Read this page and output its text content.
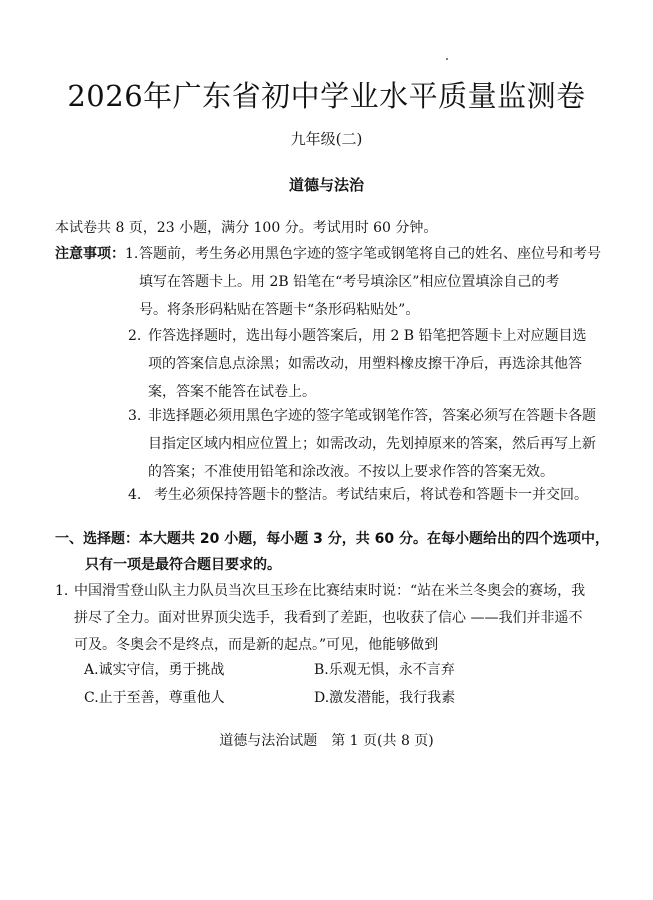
2026年广东省初中学业水平质量监测卷
九年级(二)
道德与法治
本试卷共 8 页，23 小题，满分 100 分。考试用时 60 分钟。
注意事项： 1. 答题前，考生务必用黑色字迹的签字笔或钢笔将自己的姓名、座位号和考号
填写在答题卡上。用 2B 铅笔在“考号填涂区”相应位置填涂自己的考
号。将条形码粘贴在答题卡“条形码粘贴处”。
2. 作答选择题时，选出每小题答案后，用 2 B 铅笔把答题卡上对应题目选
项的答案信息点涂黑；如需改动，用塑料橡皮擦干净后，再选涂其他答
案，答案不能答在试卷上。
3. 非选择题必须用黑色字迹的签字笔或钢笔作答，答案必须写在答题卡各题
目指定区域内相应位置上；如需改动，先划掉原来的答案，然后再写上新
的答案；不准使用铅笔和涂改液。不按以上要求作答的答案无效。
4. 考生必须保持答题卡的整洁。考试结束后，将试卷和答题卡一并交回。
一、选择题：本大题共 20 小题，每小题 3 分，共 60 分。在每小题给出的四个选项中，
只有一项是最符合题目要求的。
1. 中国滑雪登山队主力队员当次旦玉珍在比赛结束时说：“站在米兰冬奥会的赛场，我
拼尽了全力。面对世界顶尖选手，我看到了差距，也收获了信心 ——我们并非遥不
可及。冬奥会不是终点，而是新的起点。”可见，他能够做到
A.诚实守信，勇于挑战	B.乐观无惧，永不言弃
C.止于至善，尊重他人	D.激发潜能，我行我素
道德与法治试题　第 1 页(共 8 页)
